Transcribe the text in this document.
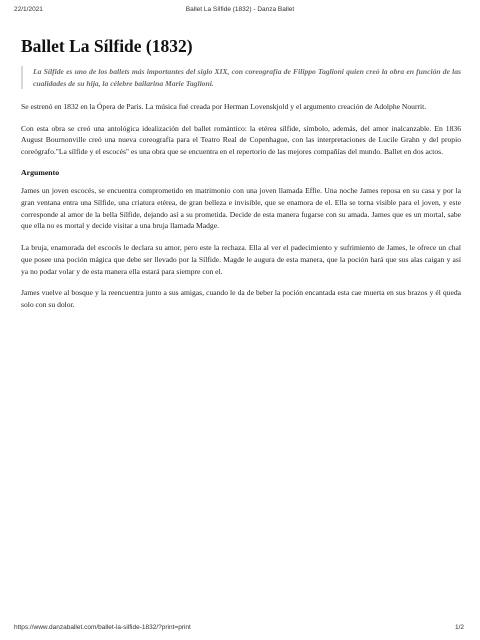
22/1/2021	Ballet La Sílfide (1832) - Danza Ballet
Ballet La Sílfide (1832)
La Sílfide es uno de los ballets más importantes del siglo XIX, con coreografía de Filippo Taglioni quien creó la obra en función de las cualidades de su hija, la célebre bailarina Marie Taglioni.

Se estrenó en 1832 en la Ópera de Paris. La música fué creada por Herman Lovenskjold y el argumento creación de Adolphe Nourrit.

Con esta obra se creó una antológica idealización del ballet romántico: la etérea sílfide, símbolo, además, del amor inalcanzable. En 1836 August Bournonville creó una nueva coreografía para el Teatro Real de Copenhague, con las interpretaciones de Lucile Grahn y del propio coreógrafo."La sílfide y el escocés" es una obra que se encuentra en el repertorio de las mejores compañías del mundo. Ballet en dos actos.

Argumento

James un joven escocés, se encuentra comprometido en matrimonio con una joven llamada Effie. Una noche James reposa en su casa y por la gran ventana entra una Sílfide, una criatura etérea, de gran belleza e invisible, que se enamora de el. Ella se torna visible para el joven, y este corresponde al amor de la bella Sílfide, dejando así a su prometida. Decide de esta manera fugarse con su amada. James que es un mortal, sabe que ella no es mortal y decide visitar a una bruja llamada Madge.

La bruja, enamorada del escocés le declara su amor, pero este la rechaza. Ella al ver el padecimiento y sufrimiento de James, le ofrece un chal que posee una poción mágica que debe ser llevado por la Sílfide. Magde le augura de esta manera, que la poción hará que sus alas caigan y así ya no podar volar y de esta manera ella estará para siempre con el.

James vuelve al bosque y la reencuentra junto a sus amigas, cuando le da de beber la poción encantada esta cae muerta en sus brazos y él queda solo con su dolor.

https://www.danzaballet.com/ballet-la-silfide-1832/?print=print	1/2
